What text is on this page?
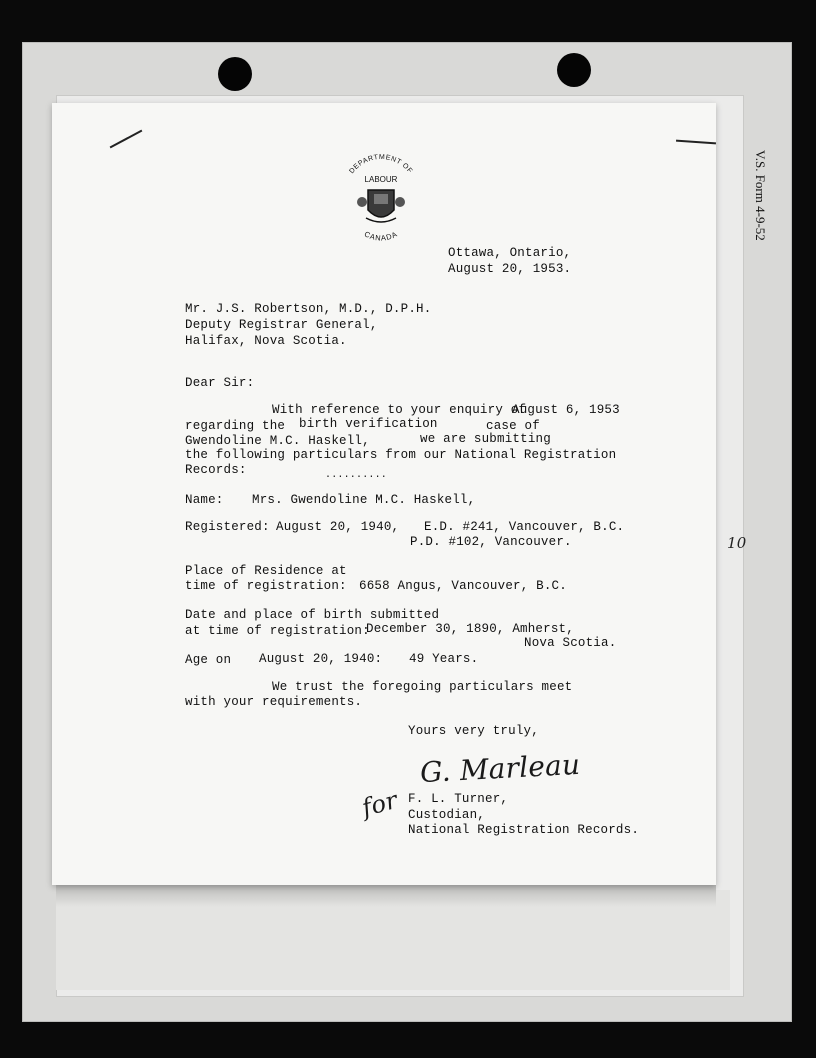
V.S. Form 4-9-52
DEPARTMENT OF
LABOUR
CANADA
Ottawa, Ontario,
August 20, 1953.
Mr. J.S. Robertson, M.D., D.P.H.
Deputy Registrar General,
Halifax, Nova Scotia.
Dear Sir:
With reference to your enquiry of
August 6, 1953
regarding the birth verification	case of
Gwendoline M.C. Haskell,	we are submitting
the following particulars from our National Registration
Records:	..........
Name: Mrs. Gwendoline M.C. Haskell,
Registered: August 20, 1940, E.D. #241, Vancouver, B.C.
P.D. #102, Vancouver.
Place of Residence at
time of registration: 6658 Angus, Vancouver, B.C.
Date and place of birth submitted
at time of registration:
December 30, 1890, Amherst,
Nova Scotia.
Age on August 20, 1940: 49 Years.
We trust the foregoing particulars meet
with your requirements.
Yours very truly,
G. Marleau
for F. L. Turner,
Custodian,
National Registration Records.
10
